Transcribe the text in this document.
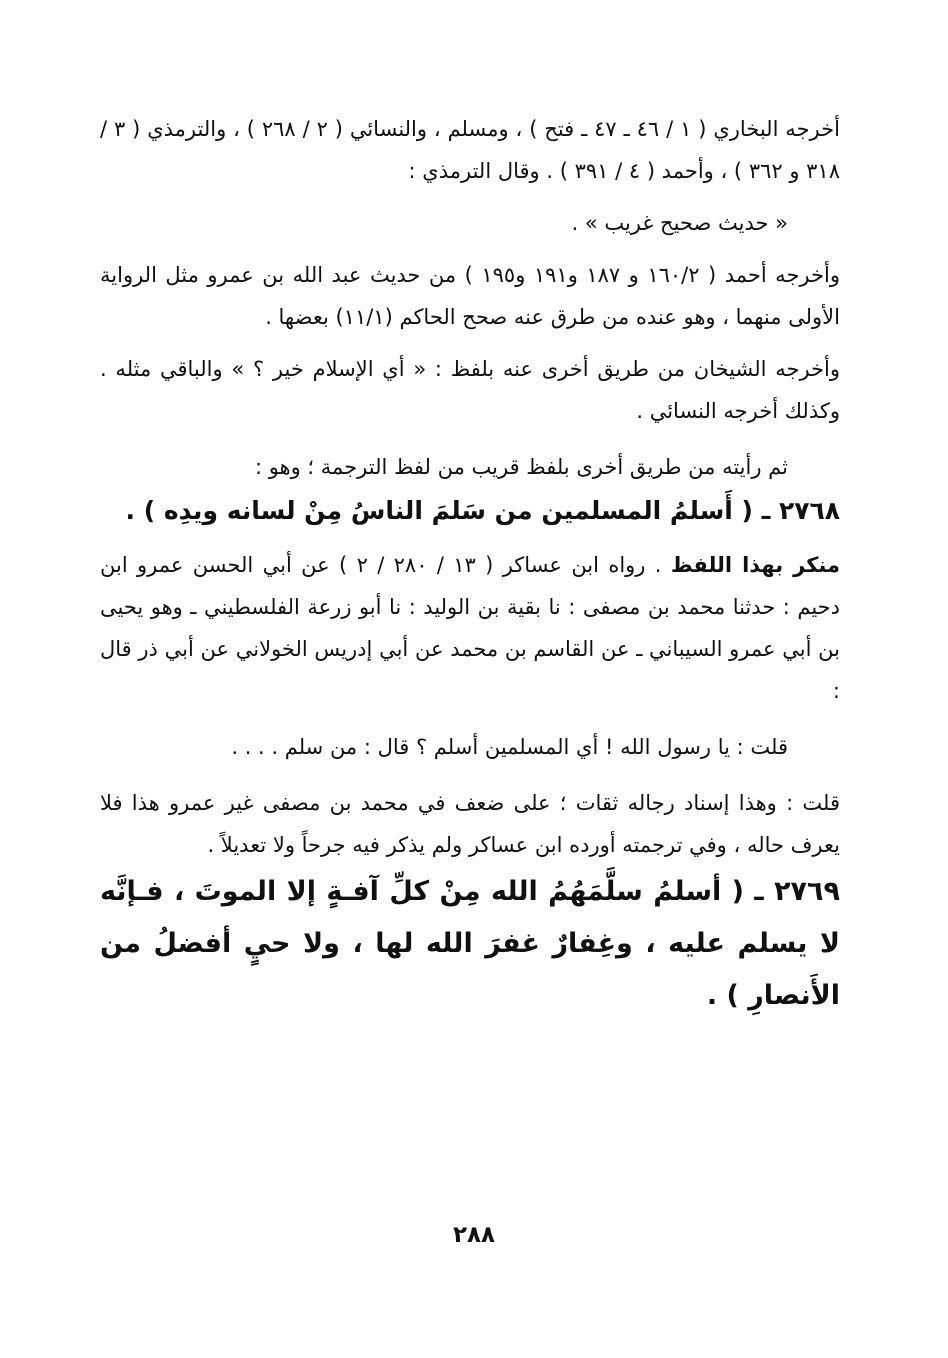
أخرجه البخاري ( ١ / ٤٦ ـ ٤٧ ـ فتح ) ، ومسلم ، والنسائي ( ٢ / ٢٦٨ ) ، والترمذي ( ٣ / ٣١٨ و ٣٦٢ ) ، وأحمد ( ٤ / ٣٩١ ) . وقال الترمذي :

« حديث صحيح غريب » .

وأخرجه أحمد ( ١٦٠/٢ و ١٨٧ و١٩١ و١٩٥ ) من حديث عبد الله بن عمرو مثل الرواية الأولى منهما ، وهو عنده من طرق عنه صحح الحاكم (١١/١) بعضها .

وأخرجه الشيخان من طريق أخرى عنه بلفظ : « أي الإسلام خير ؟ » والباقي مثله . وكذلك أخرجه النسائي .

ثم رأيته من طريق أخرى بلفظ قريب من لفظ الترجمة ؛ وهو :

٢٧٦٨ ـ ( أَسلمُ المسلمين من سَلمَ الناسُ مِنْ لسانه ويدِه ) .

منكر بهذا اللفظ . رواه ابن عساكر ( ١٣ / ٢٨٠ / ٢ ) عن أبي الحسن عمرو ابن دحيم : حدثنا محمد بن مصفى : نا بقية بن الوليد : نا أبو زرعة الفلسطيني ـ وهو يحيى بن أبي عمرو السيباني ـ عن القاسم بن محمد عن أبي إدريس الخولاني عن أبي ذر قال :

قلت : يا رسول الله ! أي المسلمين أسلم ؟ قال : من سلم . . . .

قلت : وهذا إسناد رجاله ثقات ؛ على ضعف في محمد بن مصفى غير عمرو هذا فلا يعرف حاله ، وفي ترجمته أورده ابن عساكر ولم يذكر فيه جرحاً ولا تعديلاً .

٢٧٦٩ ـ ( أسلمُ سلَّمَهُمُ الله مِنْ كلِّ آفـةٍ إلا الموتَ ، فـإنَّه لا يسلم عليه ، وغِفارٌ غفرَ الله لها ، ولا حيٍ أفضلُ من الأَنصارِ ) .

٢٨٨
